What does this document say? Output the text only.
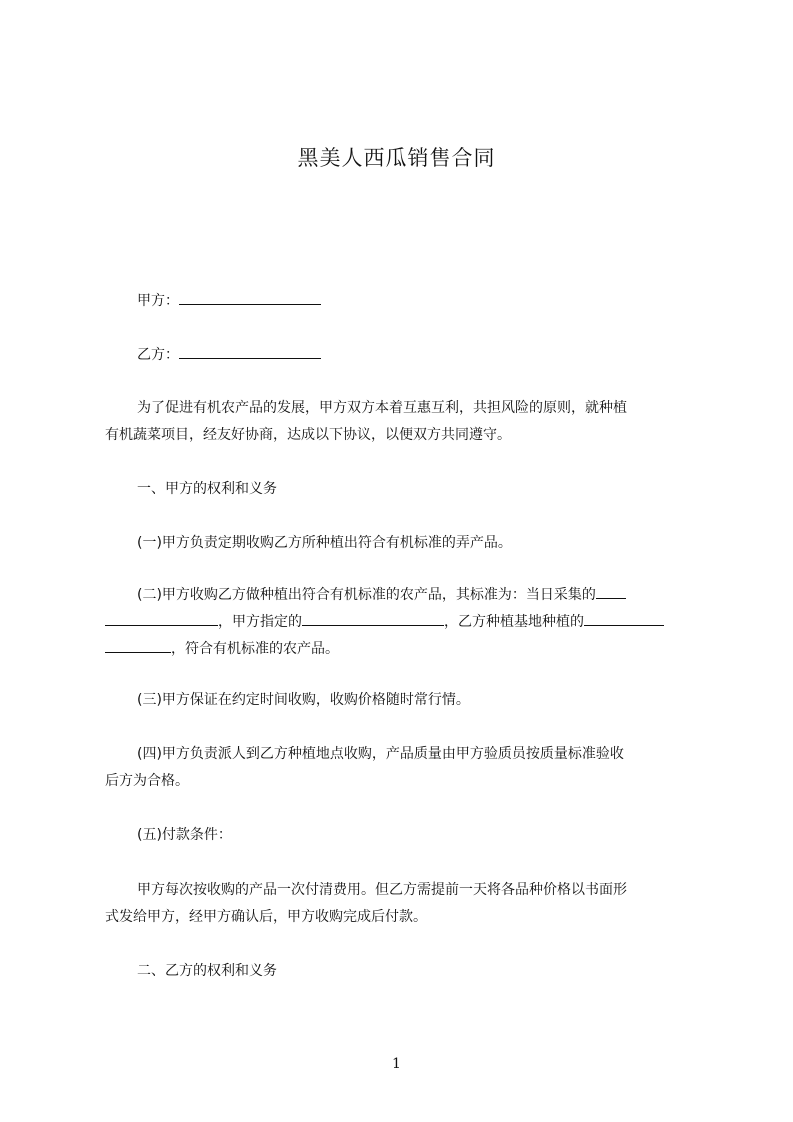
黑美人西瓜销售合同
甲方：
乙方：
为了促进有机农产品的发展，甲方双方本着互惠互利，共担风险的原则，就种植
有机蔬菜项目，经友好协商，达成以下协议，以便双方共同遵守。
一、甲方的权利和义务
(一)甲方负责定期收购乙方所种植出符合有机标准的弄产品。
(二)甲方收购乙方做种植出符合有机标准的农产品，其标准为：当日采集的
，甲方指定的	，乙方种植基地种植的
，符合有机标准的农产品。
(三)甲方保证在约定时间收购，收购价格随时常行情。
(四)甲方负责派人到乙方种植地点收购，产品质量由甲方验质员按质量标准验收
后方为合格。
(五)付款条件：
甲方每次按收购的产品一次付清费用。但乙方需提前一天将各品种价格以书面形
式发给甲方，经甲方确认后，甲方收购完成后付款。
二、乙方的权利和义务
1
